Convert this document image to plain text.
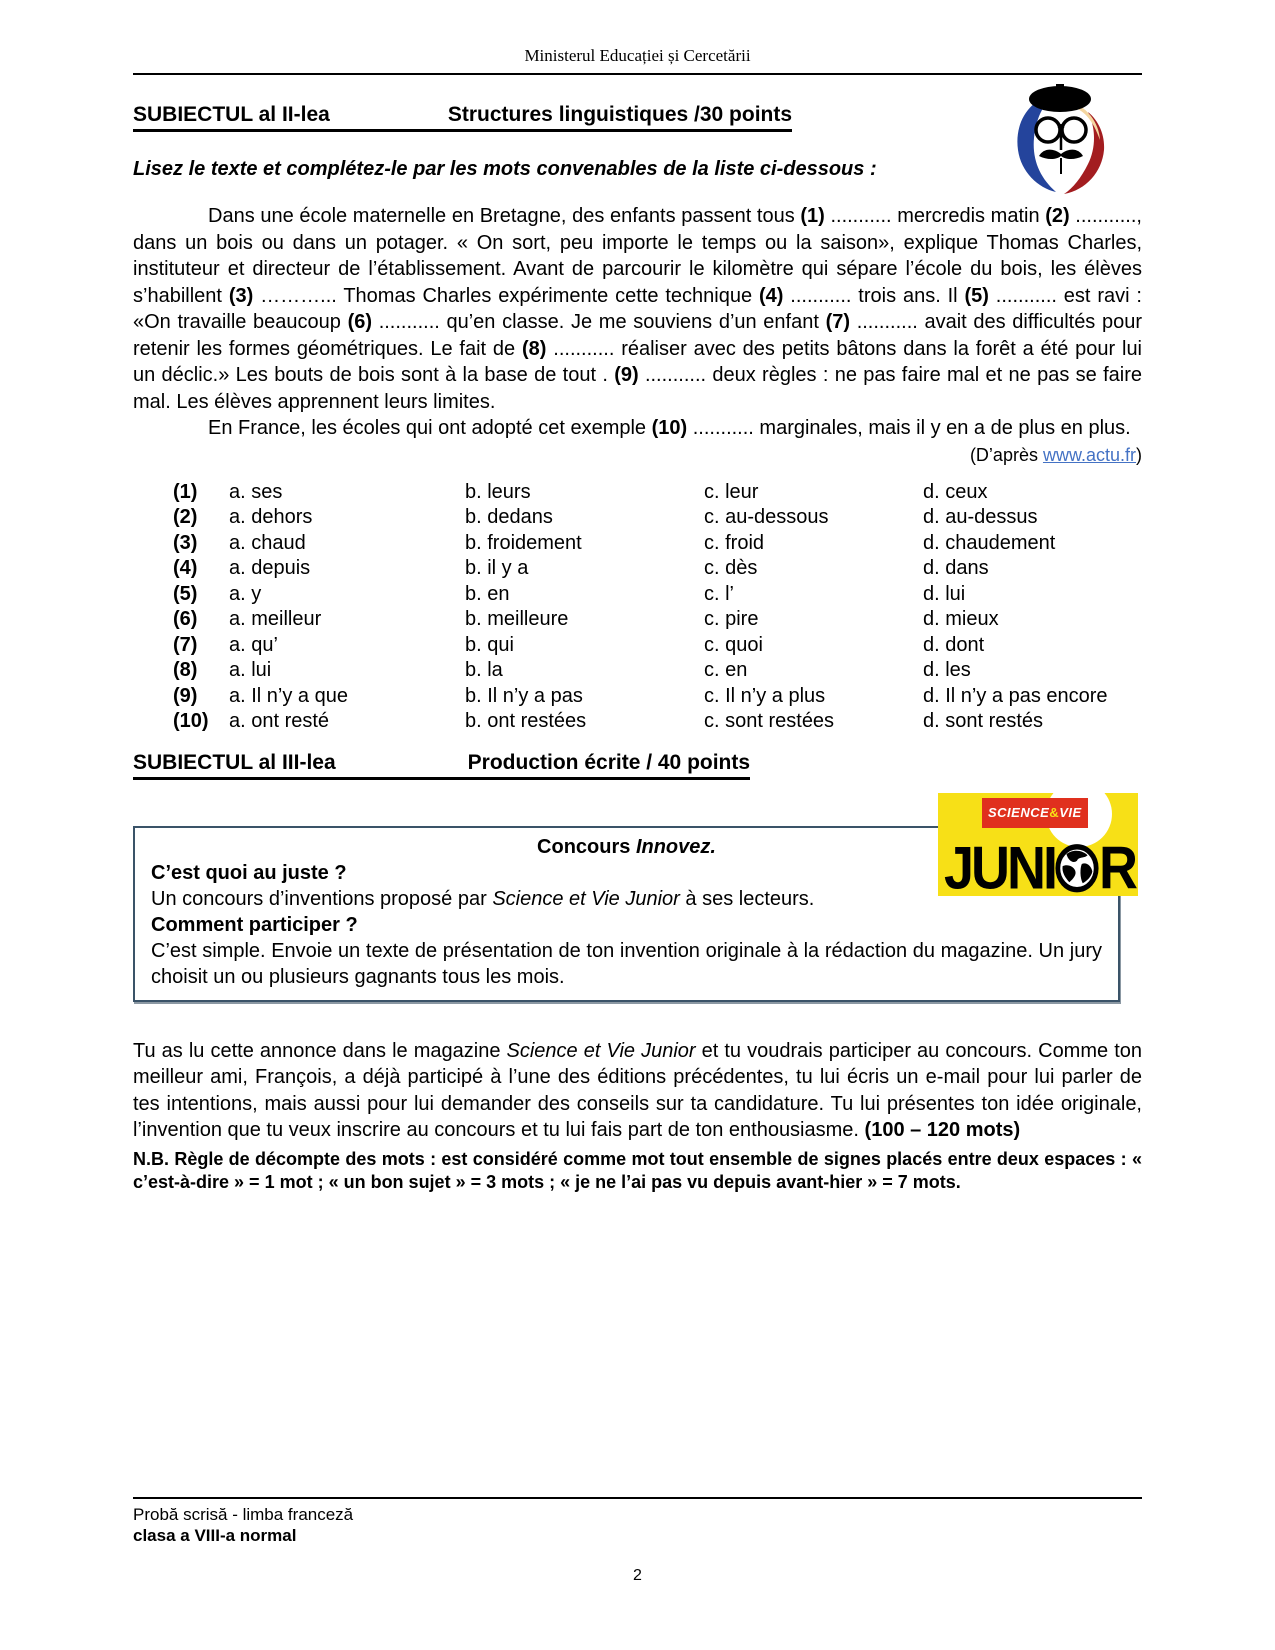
Ministerul Educației și Cercetării
SUBIECTUL al II-lea	Structures linguistiques /30 points
Lisez le texte et complétez-le par les mots convenables de la liste ci-dessous :

Dans une école maternelle en Bretagne, des enfants passent tous (1) ........... mercredis matin (2) ..........., dans un bois ou dans un potager. « On sort, peu importe le temps ou la saison», explique Thomas Charles, instituteur et directeur de l’établissement. Avant de parcourir le kilomètre qui sépare l’école du bois, les élèves s’habillent (3) ………... Thomas Charles expérimente cette technique (4) ........... trois ans. Il (5) ........... est ravi : «On travaille beaucoup (6) ........... qu’en classe. Je me souviens d’un enfant (7) ........... avait des difficultés pour retenir les formes géométriques. Le fait de (8) ........... réaliser avec des petits bâtons dans la forêt a été pour lui un déclic.» Les bouts de bois sont à la base de tout . (9) ........... deux règles : ne pas faire mal et ne pas se faire mal. Les élèves apprennent leurs limites.

En France, les écoles qui ont adopté cet exemple (10) ........... marginales, mais il y en a de plus en plus.

(D’après www.actu.fr)
(1)	a. ses	b. leurs	c. leur	d. ceux
(2)	a. dehors	b. dedans	c. au-dessous	d. au-dessus
(3)	a. chaud	b. froidement	c. froid	d. chaudement
(4)	a. depuis	b. il y a	c. dès	d. dans
(5)	a. y	b. en	c. l’	d. lui
(6)	a. meilleur	b. meilleure	c. pire	d. mieux
(7)	a. qu’	b. qui	c. quoi	d. dont
(8)	a. lui	b. la	c. en	d. les
(9)	a. Il n’y a que	b. Il n’y a pas	c. Il n’y a plus	d. Il n’y a pas encore
(10)	a. ont resté	b. ont restées	c. sont restées	d. sont restés
SUBIECTUL al III-lea	Production écrite / 40 points
SCIENCE&VIE
JUNI R
Concours Innovez.
C’est quoi au juste ?
Un concours d’inventions proposé par Science et Vie Junior à ses lecteurs.
Comment participer ?
C’est simple. Envoie un texte de présentation de ton invention originale à la rédaction du magazine. Un jury choisit un ou plusieurs gagnants tous les mois.

Tu as lu cette annonce dans le magazine Science et Vie Junior et tu voudrais participer au concours. Comme ton meilleur ami, François, a déjà participé à l’une des éditions précédentes, tu lui écris un e-mail pour lui parler de tes intentions, mais aussi pour lui demander des conseils sur ta candidature. Tu lui présentes ton idée originale, l’invention que tu veux inscrire au concours et tu lui fais part de ton enthousiasme. (100 – 120 mots)

N.B. Règle de décompte des mots : est considéré comme mot tout ensemble de signes placés entre deux espaces : « c’est-à-dire » = 1 mot ; « un bon sujet » = 3 mots ; « je ne l’ai pas vu depuis avant-hier » = 7 mots.

Probă scrisă - limba franceză
clasa a VIII-a normal
2
